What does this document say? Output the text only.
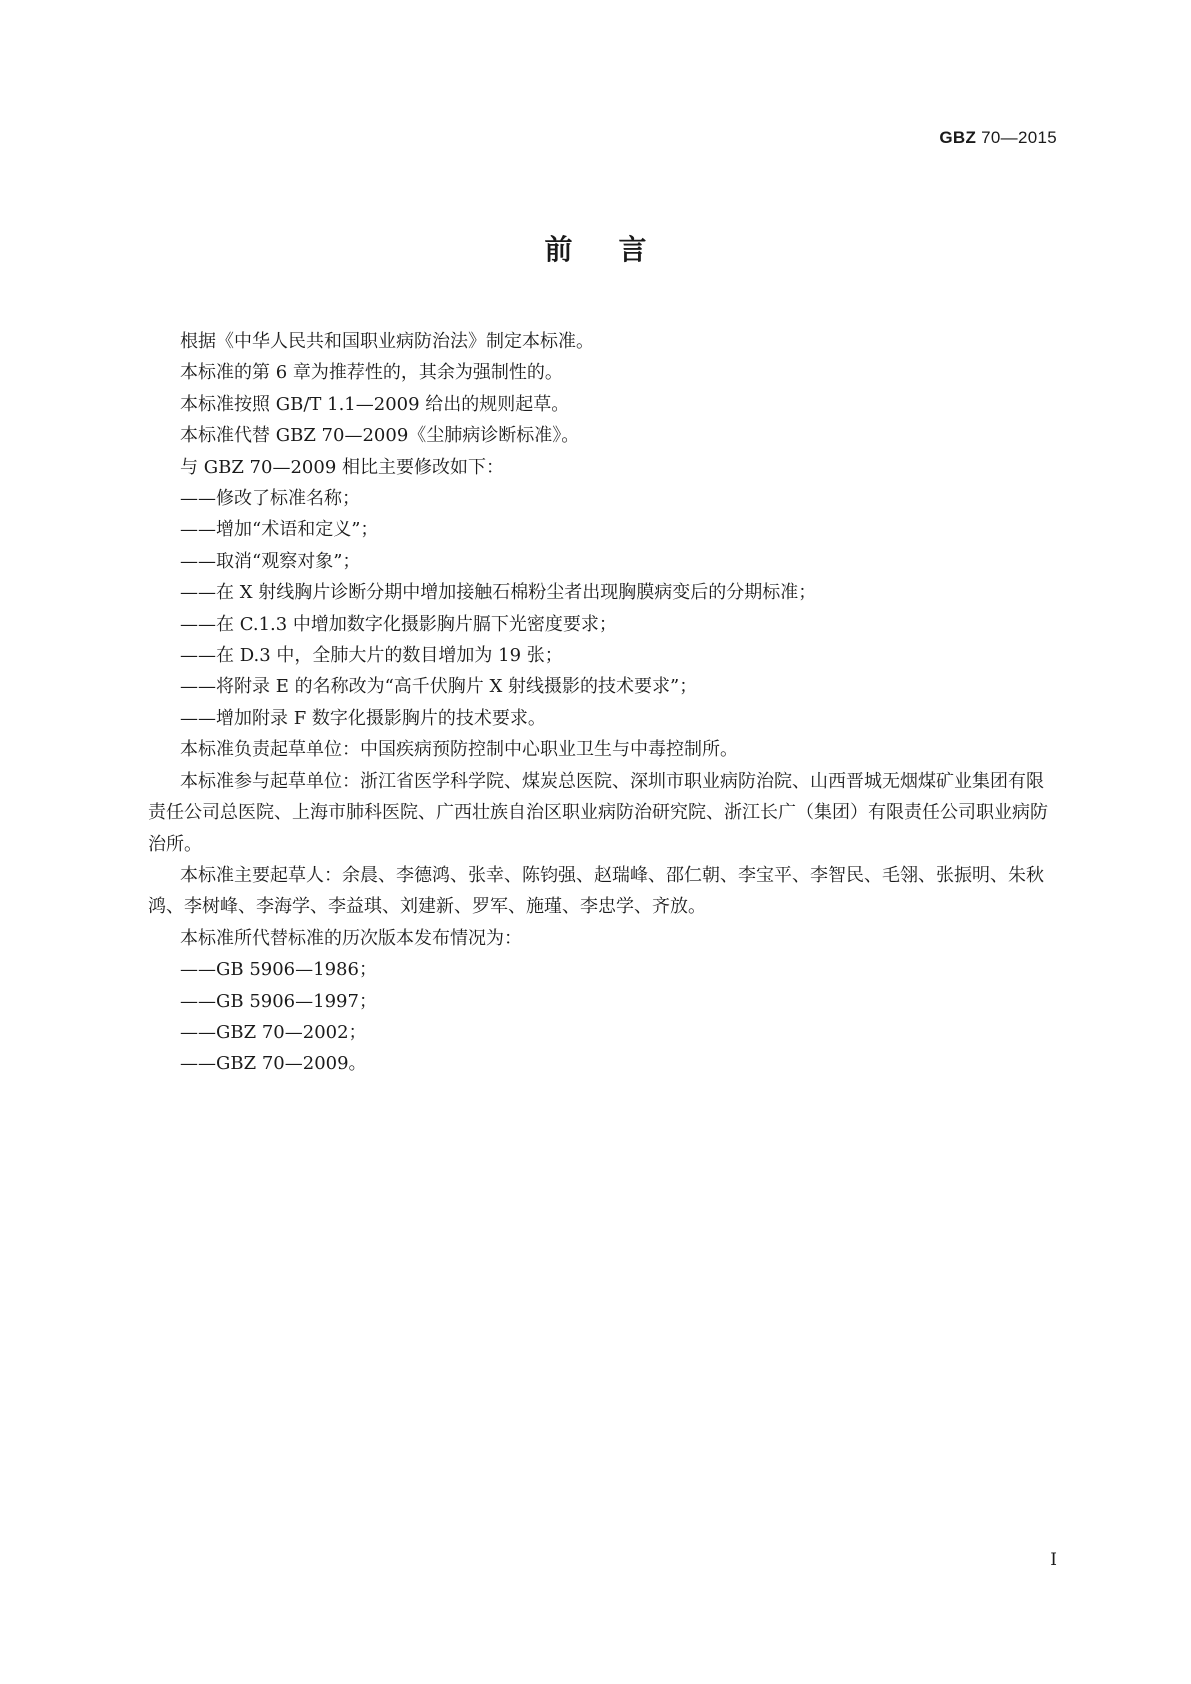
GBZ 70—2015
前言

根据《中华人民共和国职业病防治法》制定本标准。

本标准的第 6 章为推荐性的，其余为强制性的。

本标准按照 GB/T 1.1—2009 给出的规则起草。

本标准代替 GBZ 70—2009《尘肺病诊断标准》。

与 GBZ 70—2009 相比主要修改如下：

——修改了标准名称；

——增加“术语和定义”；

——取消“观察对象”；

——在 X 射线胸片诊断分期中增加接触石棉粉尘者出现胸膜病变后的分期标准；

——在 C.1.3 中增加数字化摄影胸片膈下光密度要求；

——在 D.3 中，全肺大片的数目增加为 19 张；

——将附录 E 的名称改为“高千伏胸片 X 射线摄影的技术要求”；

——增加附录 F 数字化摄影胸片的技术要求。

本标准负责起草单位：中国疾病预防控制中心职业卫生与中毒控制所。

本标准参与起草单位：浙江省医学科学院、煤炭总医院、深圳市职业病防治院、山西晋城无烟煤矿业集团有限责任公司总医院、上海市肺科医院、广西壮族自治区职业病防治研究院、浙江长广（集团）有限责任公司职业病防治所。

本标准主要起草人：余晨、李德鸿、张幸、陈钧强、赵瑞峰、邵仁朝、李宝平、李智民、毛翎、张振明、朱秋鸿、李树峰、李海学、李益琪、刘建新、罗军、施瑾、李忠学、齐放。

本标准所代替标准的历次版本发布情况为：

——GB 5906—1986；

——GB 5906—1997；

——GBZ 70—2002；

——GBZ 70—2009。

I
